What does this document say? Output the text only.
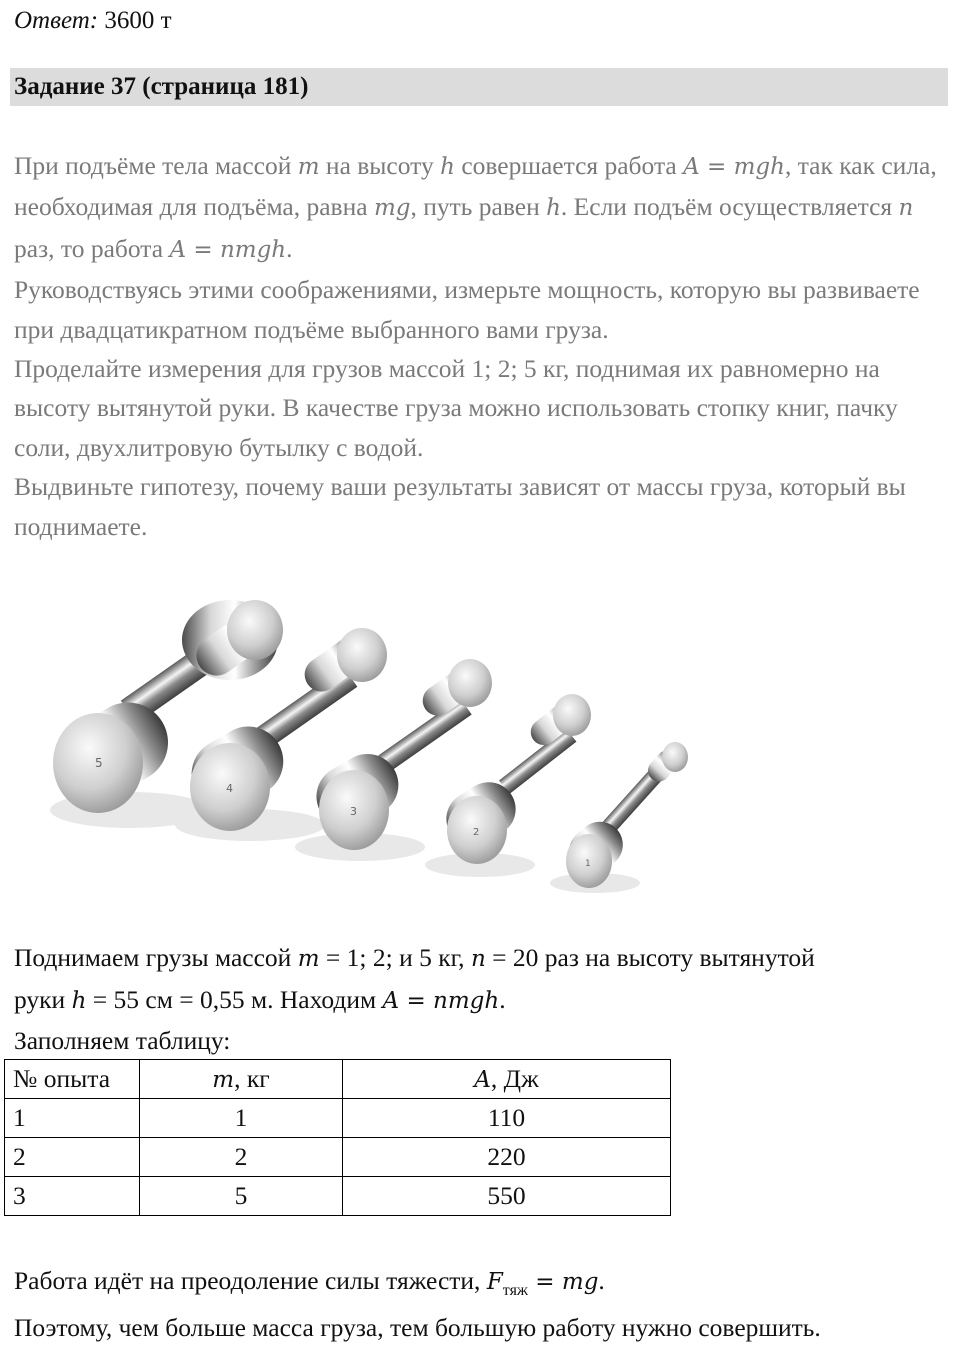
Ответ: 3600 т
Задание 37 (страница 181)

При подъёме тела массой m на высоту h совершается работа A = mgh, так как сила, необходимая для подъёма, равна mg, путь равен h. Если подъём осуществляется n раз, то работа A = nmgh.

Руководствуясь этими соображениями, измерьте мощность, которую вы развиваете при двадцатикратном подъёме выбранного вами груза.

Проделайте измерения для грузов массой 1; 2; 5 кг, поднимая их равномерно на высоту вытянутой руки. В качестве груза можно использовать стопку книг, пачку соли, двухлитровую бутылку с водой.

Выдвиньте гипотезу, почему ваши результаты зависят от массы груза, который вы поднимаете.

5
4
3
2
1

Поднимаем грузы массой m = 1; 2; и 5 кг, n = 20 раз на высоту вытянутой

руки h = 55 см = 0,55 м. Находим A = nmgh.

Заполняем таблицу:

№ опыта	m, кг	A, Дж
1	1	110
2	2	220
3	5	550

Работа идёт на преодоление силы тяжести, $F_{тяж}$ = mg.

Поэтому, чем больше масса груза, тем большую работу нужно совершить.
